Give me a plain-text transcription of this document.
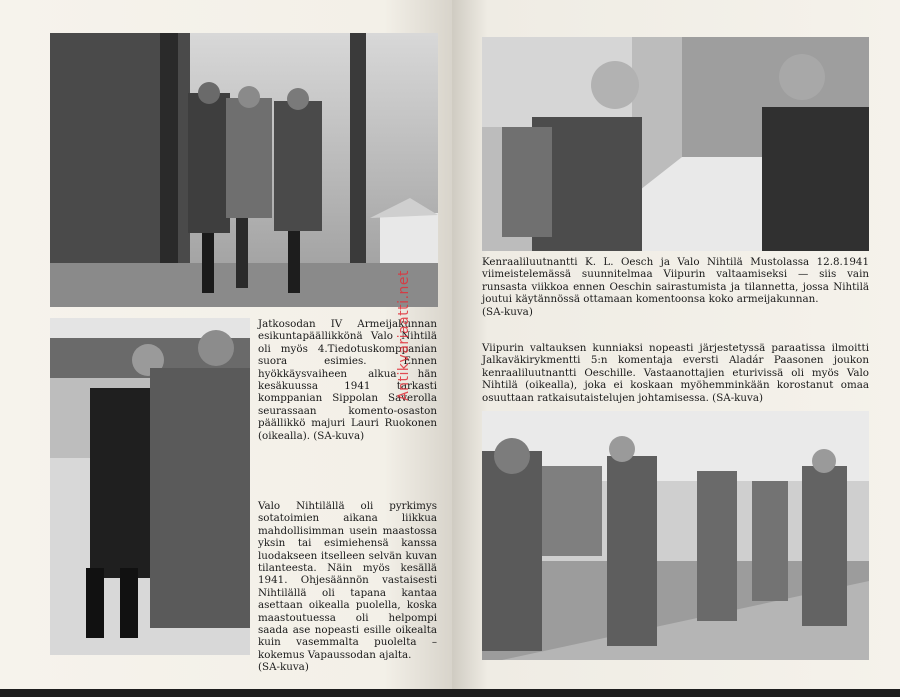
Jatkosodan IV Armeijakunnan esikuntapäällikkönä Valo Nihtilä oli myös 4.Tiedotuskomppanian suora esimies. Ennen hyökkäysvaiheen alkua hän kesäkuussa 1941 tarkasti komppanian Sippolan Saverolla seurassaan komento-osaston päällikkö majuri Lauri Ruokonen (oikealla). (SA-kuva)

Valo Nihtilällä oli pyrkimys sotatoimien aikana liikkua mahdollisimman usein maastossa yksin tai esimiehensä kanssa luodakseen itselleen selvän kuvan tilanteesta. Näin myös kesällä 1941. Ohjesäännön vastaisesti Nihtilällä oli tapana kantaa asettaan oikealla puolella, koska maastoutuessa oli helpompi saada ase nopeasti esille oikealta kuin vasemmalta puolelta – kokemus Vapaussodan ajalta.

(SA-kuva)

Antikvariaatti.net

Kenraaliluutnantti K. L. Oesch ja Valo Nihtilä Mustolassa 12.8.1941 viimeistelemässä suunnitelmaa Viipurin valtaamiseksi — siis vain runsasta viikkoa ennen Oeschin sairastumista ja tilannetta, jossa Nihtilä joutui käytännössä ottamaan komentoonsa koko armeijakunnan.

(SA-kuva)

Viipurin valtauksen kunniaksi nopeasti järjestetyssä paraatissa ilmoitti Jalkaväkirykmentti 5:n komentaja eversti Aladár Paasonen joukon kenraaliluutnantti Oeschille. Vastaanottajien eturivissä oli myös Valo Nihtilä (oikealla), joka ei koskaan myöhemminkään korostanut omaa osuuttaan ratkaisutaistelujen johtamisessa. (SA-kuva)
